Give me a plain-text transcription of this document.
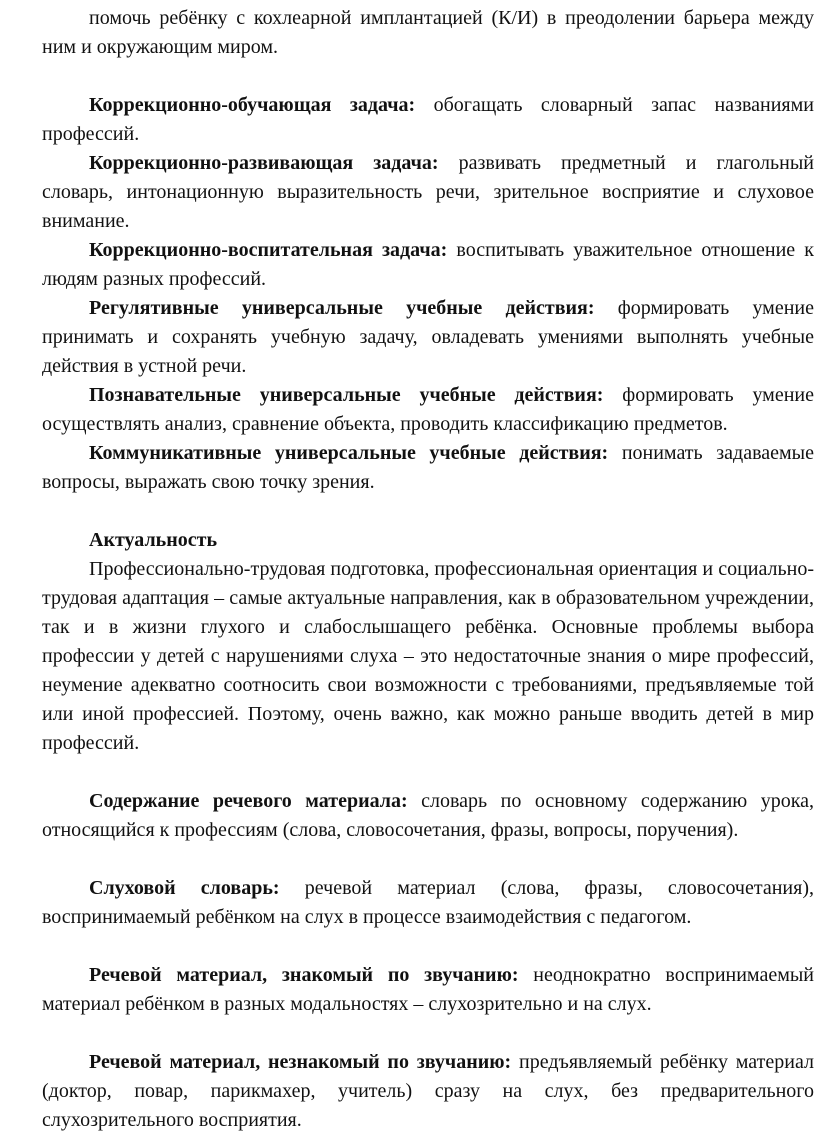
помочь ребёнку с кохлеарной имплантацией (К/И) в преодолении барьера между ним и окружающим миром.

Коррекционно-обучающая задача: обогащать словарный запас названиями профессий.

Коррекционно-развивающая задача: развивать предметный и глагольный словарь, интонационную выразительность речи, зрительное восприятие и слуховое внимание.

Коррекционно-воспитательная задача: воспитывать уважительное отношение к людям разных профессий.

Регулятивные универсальные учебные действия: формировать умение принимать и сохранять учебную задачу, овладевать умениями выполнять учебные действия в устной речи.

Познавательные универсальные учебные действия: формировать умение осуществлять анализ, сравнение объекта, проводить классификацию предметов.

Коммуникативные универсальные учебные действия: понимать задаваемые вопросы, выражать свою точку зрения.

Актуальность

Профессионально-трудовая подготовка, профессиональная ориентация и социально-трудовая адаптация – самые актуальные направления, как в образовательном учреждении, так и в жизни глухого и слабослышащего ребёнка. Основные проблемы выбора профессии у детей с нарушениями слуха – это недостаточные знания о мире профессий, неумение адекватно соотносить свои возможности с требованиями, предъявляемые той или иной профессией. Поэтому, очень важно, как можно раньше вводить детей в мир профессий.

Содержание речевого материала: словарь по основному содержанию урока, относящийся к профессиям (слова, словосочетания, фразы, вопросы, поручения).

Слуховой словарь: речевой материал (слова, фразы, словосочетания), воспринимаемый ребёнком на слух в процессе взаимодействия с педагогом.

Речевой материал, знакомый по звучанию: неоднократно воспринимаемый материал ребёнком в разных модальностях – слухозрительно и на слух.

Речевой материал, незнакомый по звучанию: предъявляемый ребёнку материал (доктор, повар, парикмахер, учитель) сразу на слух, без предварительного слухозрительного восприятия.
